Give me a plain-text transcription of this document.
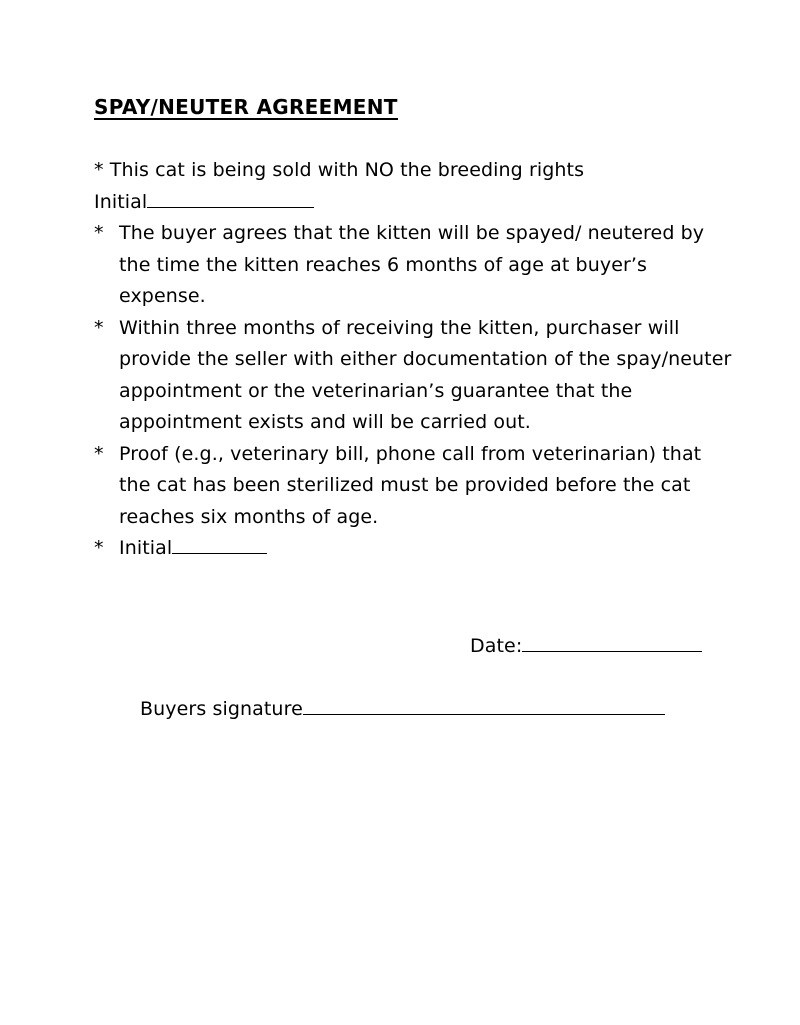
SPAY/NEUTER AGREEMENT
* This cat is being sold with NO the breeding rights
Initial
* The buyer agrees that the kitten will be spayed/ neutered by the time the kitten reaches 6 months of age at buyer’s expense.
* Within three months of receiving the kitten, purchaser will provide the seller with either documentation of the spay/neuter appointment or the veterinarian’s guarantee that the appointment exists and will be carried out.
* Proof (e.g., veterinary bill, phone call from veterinarian) that the cat has been sterilized must be provided before the cat reaches six months of age.
* Initial
Date:
Buyers signature
